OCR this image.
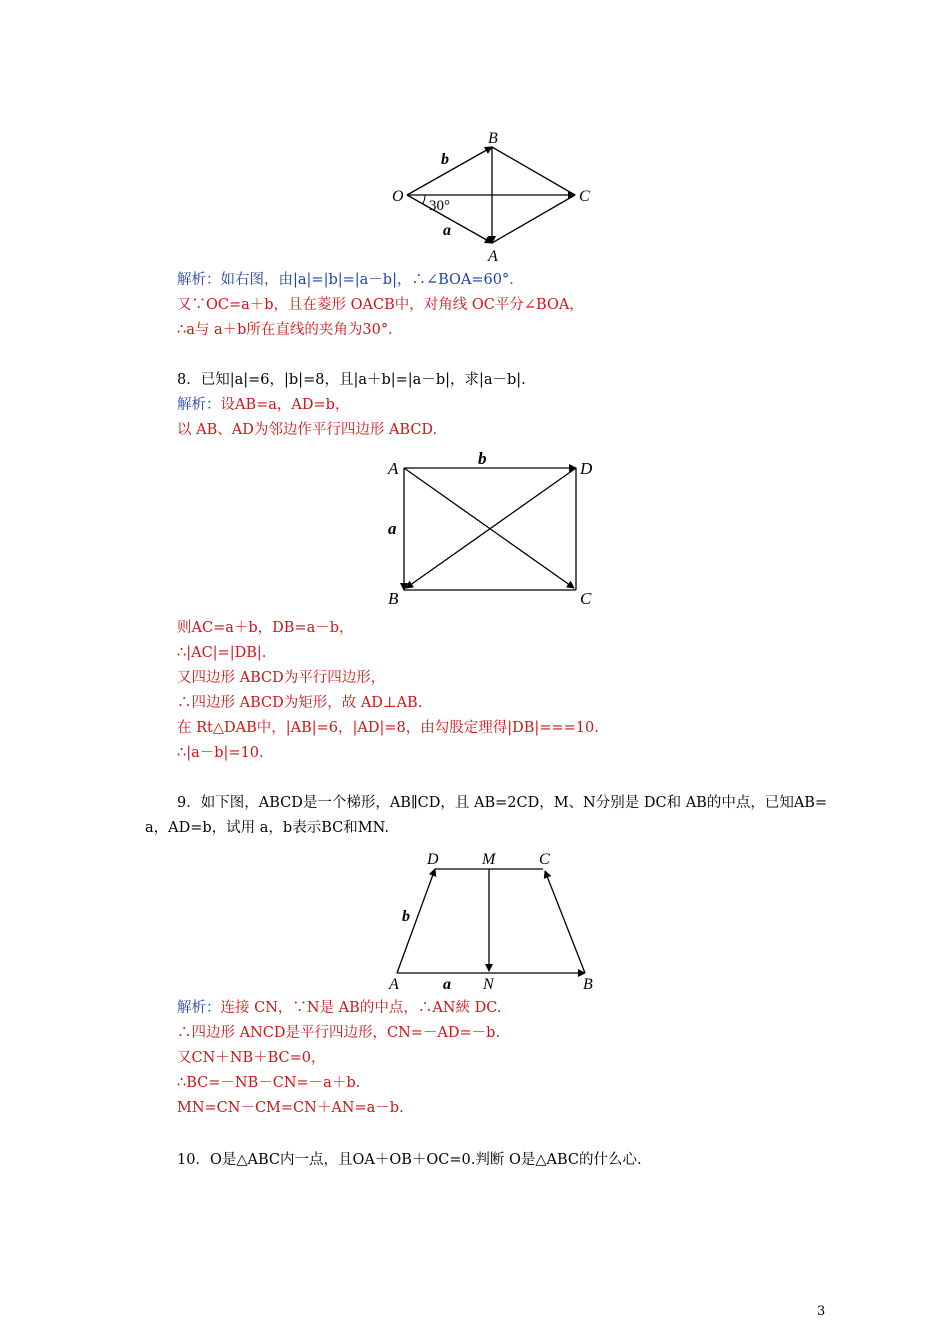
B
b
O
30°
C
a
A
解析：如右图，由|a|=|b|=|a－b|，∴∠BOA=60°．
又∵OC=a＋b，且在菱形 OACB中，对角线 OC平分∠BOA，
∴a与 a＋b所在直线的夹角为30°．
8．已知|a|=6，|b|=8，且|a＋b|=|a－b|，求|a－b|.
解析：设AB=a，AD=b，
以 AB、AD为邻边作平行四边形 ABCD.
A
b
D
a
B	C
则AC=a＋b，DB=a－b，
∴|AC|=|DB|.
又四边形 ABCD为平行四边形，
∴四边形 ABCD为矩形，故 AD⊥AB.
在 Rt△DAB中，|AB|=6，|AD|=8，由勾股定理得|DB|===10.
∴|a－b|=10.
9．如下图，ABCD是一个梯形，AB∥CD，且 AB=2CD，M、N分别是 DC和 AB的中点，已知AB=
a，AD=b，试用 a，b表示BC和MN.
D	M	C
b
A	a N	B
解析：连接 CN，∵N是 AB的中点，∴AN綊 DC.
∴四边形 ANCD是平行四边形，CN=－AD=－b.
又CN＋NB＋BC=0，
∴BC=－NB－CN=－a＋b.
MN=CN－CM=CN＋AN=a－b.
10．O是△ABC内一点，且OA＋OB＋OC=0.判断 O是△ABC的什么心.
3
